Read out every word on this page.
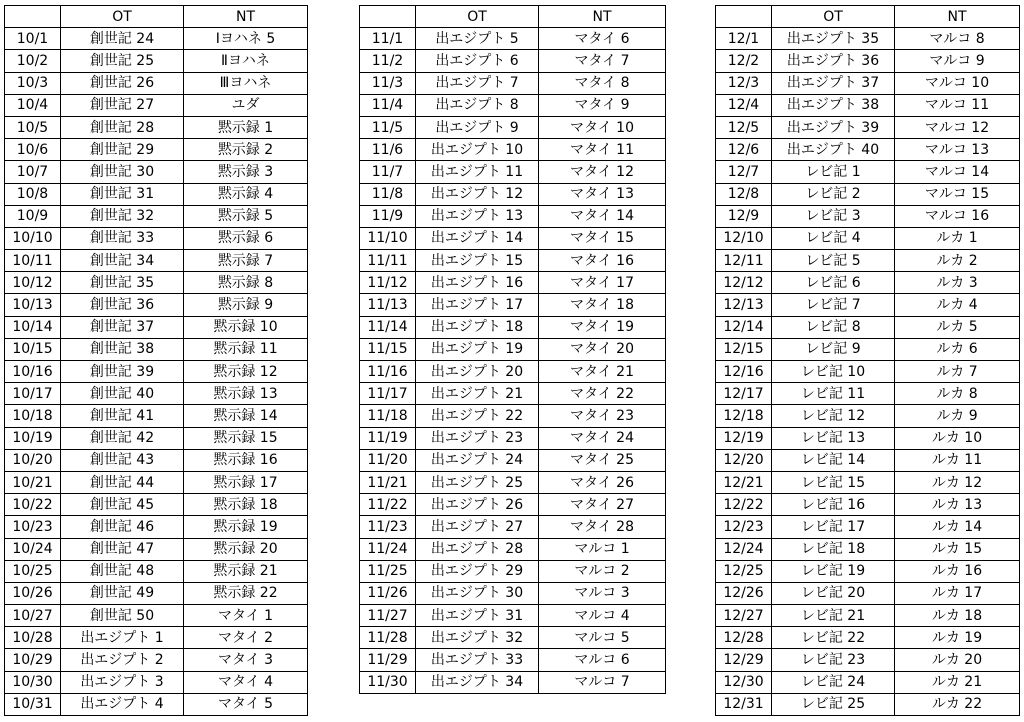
	OT	NT
10/1	創世記 24	Ⅰヨハネ 5
10/2	創世記 25	Ⅱヨハネ
10/3	創世記 26	Ⅲヨハネ
10/4	創世記 27	ユダ
10/5	創世記 28	黙示録 1
10/6	創世記 29	黙示録 2
10/7	創世記 30	黙示録 3
10/8	創世記 31	黙示録 4
10/9	創世記 32	黙示録 5
10/10	創世記 33	黙示録 6
10/11	創世記 34	黙示録 7
10/12	創世記 35	黙示録 8
10/13	創世記 36	黙示録 9
10/14	創世記 37	黙示録 10
10/15	創世記 38	黙示録 11
10/16	創世記 39	黙示録 12
10/17	創世記 40	黙示録 13
10/18	創世記 41	黙示録 14
10/19	創世記 42	黙示録 15
10/20	創世記 43	黙示録 16
10/21	創世記 44	黙示録 17
10/22	創世記 45	黙示録 18
10/23	創世記 46	黙示録 19
10/24	創世記 47	黙示録 20
10/25	創世記 48	黙示録 21
10/26	創世記 49	黙示録 22
10/27	創世記 50	マタイ 1
10/28	出エジプト 1	マタイ 2
10/29	出エジプト 2	マタイ 3
10/30	出エジプト 3	マタイ 4
10/31	出エジプト 4	マタイ 5
	OT	NT
11/1	出エジプト 5	マタイ 6
11/2	出エジプト 6	マタイ 7
11/3	出エジプト 7	マタイ 8
11/4	出エジプト 8	マタイ 9
11/5	出エジプト 9	マタイ 10
11/6	出エジプト 10	マタイ 11
11/7	出エジプト 11	マタイ 12
11/8	出エジプト 12	マタイ 13
11/9	出エジプト 13	マタイ 14
11/10	出エジプト 14	マタイ 15
11/11	出エジプト 15	マタイ 16
11/12	出エジプト 16	マタイ 17
11/13	出エジプト 17	マタイ 18
11/14	出エジプト 18	マタイ 19
11/15	出エジプト 19	マタイ 20
11/16	出エジプト 20	マタイ 21
11/17	出エジプト 21	マタイ 22
11/18	出エジプト 22	マタイ 23
11/19	出エジプト 23	マタイ 24
11/20	出エジプト 24	マタイ 25
11/21	出エジプト 25	マタイ 26
11/22	出エジプト 26	マタイ 27
11/23	出エジプト 27	マタイ 28
11/24	出エジプト 28	マルコ 1
11/25	出エジプト 29	マルコ 2
11/26	出エジプト 30	マルコ 3
11/27	出エジプト 31	マルコ 4
11/28	出エジプト 32	マルコ 5
11/29	出エジプト 33	マルコ 6
11/30	出エジプト 34	マルコ 7
	OT	NT
12/1	出エジプト 35	マルコ 8
12/2	出エジプト 36	マルコ 9
12/3	出エジプト 37	マルコ 10
12/4	出エジプト 38	マルコ 11
12/5	出エジプト 39	マルコ 12
12/6	出エジプト 40	マルコ 13
12/7	レビ記 1	マルコ 14
12/8	レビ記 2	マルコ 15
12/9	レビ記 3	マルコ 16
12/10	レビ記 4	ルカ 1
12/11	レビ記 5	ルカ 2
12/12	レビ記 6	ルカ 3
12/13	レビ記 7	ルカ 4
12/14	レビ記 8	ルカ 5
12/15	レビ記 9	ルカ 6
12/16	レビ記 10	ルカ 7
12/17	レビ記 11	ルカ 8
12/18	レビ記 12	ルカ 9
12/19	レビ記 13	ルカ 10
12/20	レビ記 14	ルカ 11
12/21	レビ記 15	ルカ 12
12/22	レビ記 16	ルカ 13
12/23	レビ記 17	ルカ 14
12/24	レビ記 18	ルカ 15
12/25	レビ記 19	ルカ 16
12/26	レビ記 20	ルカ 17
12/27	レビ記 21	ルカ 18
12/28	レビ記 22	ルカ 19
12/29	レビ記 23	ルカ 20
12/30	レビ記 24	ルカ 21
12/31	レビ記 25	ルカ 22
